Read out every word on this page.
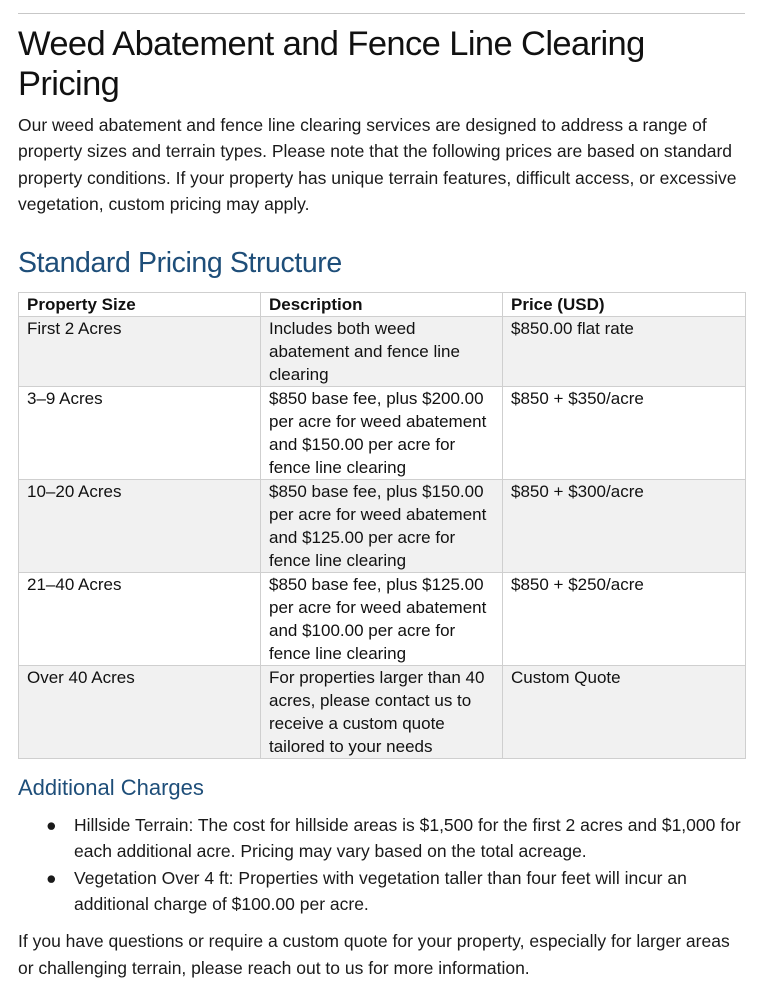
Weed Abatement and Fence Line Clearing Pricing

Our weed abatement and fence line clearing services are designed to address a range of property sizes and terrain types. Please note that the following prices are based on standard property conditions. If your property has unique terrain features, difficult access, or excessive vegetation, custom pricing may apply.

Standard Pricing Structure
Property Size	Description	Price (USD)
First 2 Acres	Includes both weed abatement and fence line clearing	$850.00 flat rate
3–9 Acres	$850 base fee, plus $200.00 per acre for weed abatement and $150.00 per acre for fence line clearing	$850 + $350/acre
10–20 Acres	$850 base fee, plus $150.00 per acre for weed abatement and $125.00 per acre for fence line clearing	$850 + $300/acre
21–40 Acres	$850 base fee, plus $125.00 per acre for weed abatement and $100.00 per acre for fence line clearing	$850 + $250/acre
Over 40 Acres	For properties larger than 40 acres, please contact us to receive a custom quote tailored to your needs	Custom Quote
Additional Charges
● Hillside Terrain: The cost for hillside areas is $1,500 for the first 2 acres and $1,000 for each additional acre. Pricing may vary based on the total acreage.
● Vegetation Over 4 ft: Properties with vegetation taller than four feet will incur an additional charge of $100.00 per acre.

If you have questions or require a custom quote for your property, especially for larger areas or challenging terrain, please reach out to us for more information.
